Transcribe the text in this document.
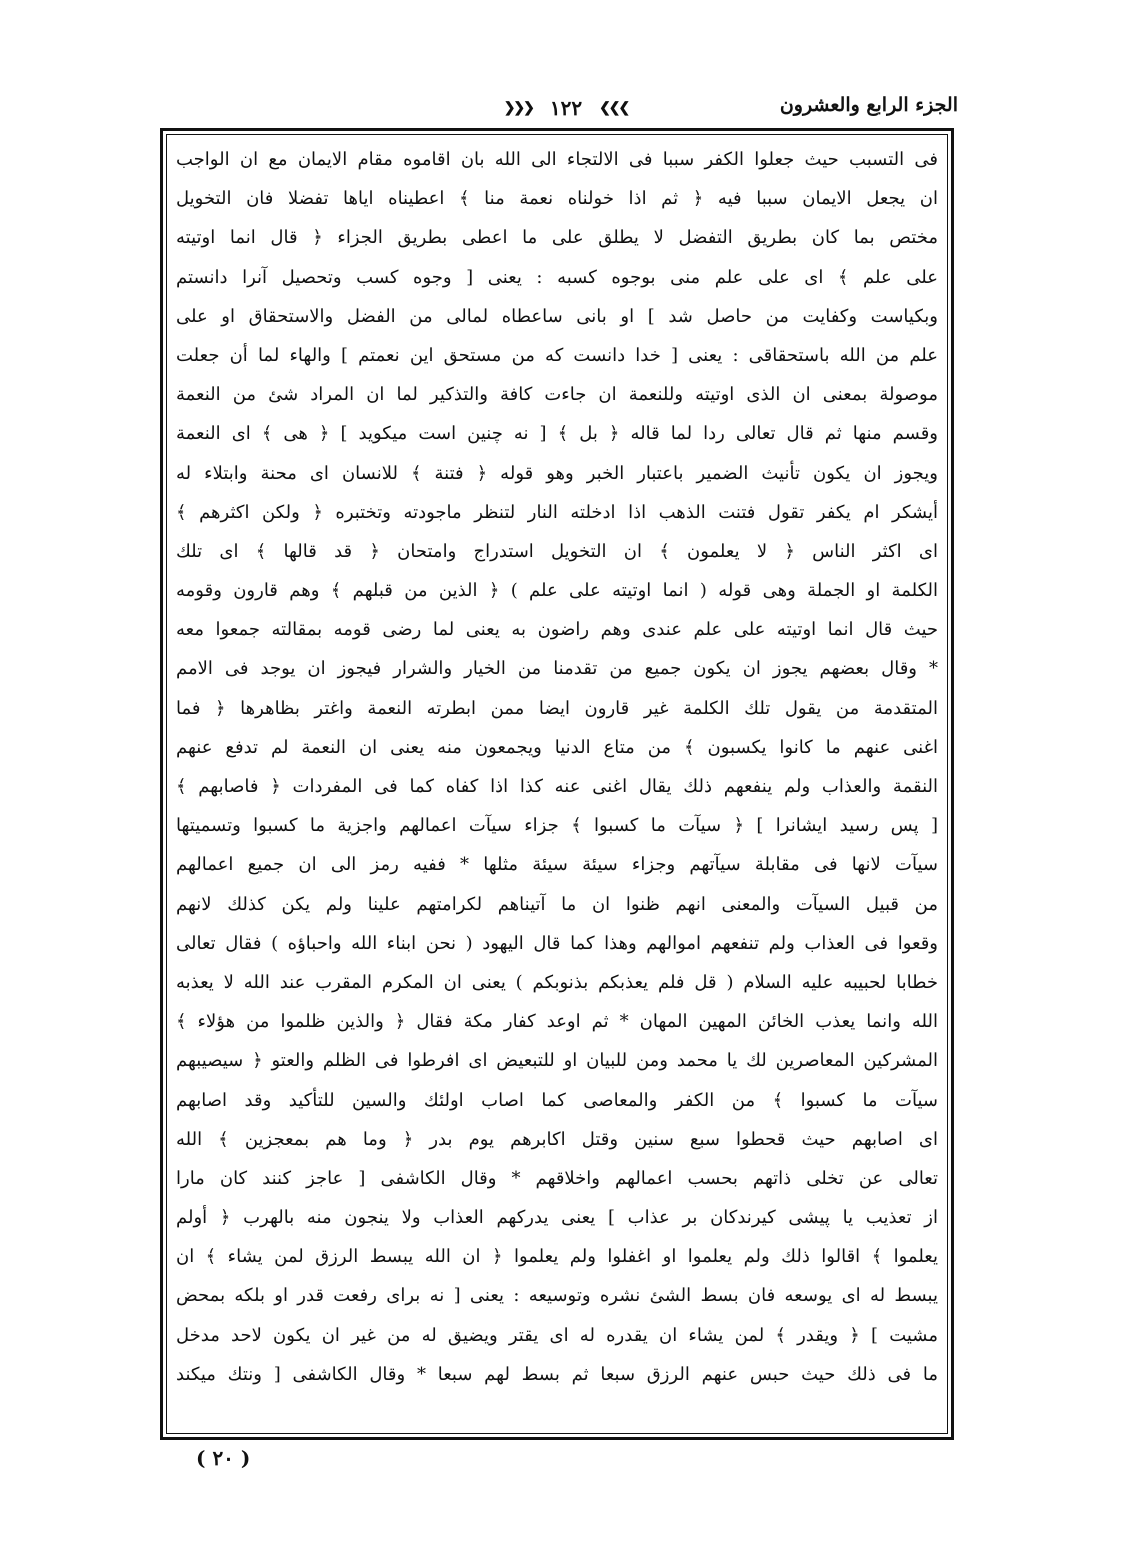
الجزء الرابع والعشرون
❯❯❯ ١٢٢ ❮❮❮
فى التسبب حيث جعلوا الكفر سببا فى الالتجاء الى الله بان اقاموه مقام الايمان مع ان الواجب
ان يجعل الايمان سببا فيه ﴿ ثم اذا خولناه نعمة منا ﴾ اعطيناه اياها تفضلا فان التخويل
مختص بما كان بطريق التفضل لا يطلق على ما اعطى بطريق الجزاء ﴿ قال انما اوتيته
على علم ﴾ اى على علم منى بوجوه كسبه : يعنى [ وجوه كسب وتحصيل آنرا دانستم
وبكياست وكفايت من حاصل شد ] او بانى ساعطاه لمالى من الفضل والاستحقاق او على
علم من الله باستحقاقى : يعنى [ خدا دانست كه من مستحق اين نعمتم ] والهاء لما أن جعلت
موصولة بمعنى ان الذى اوتيته وللنعمة ان جاءت كافة والتذكير لما ان المراد شئ من النعمة
وقسم منها ثم قال تعالى ردا لما قاله ﴿ بل ﴾ [ نه چنين است ميكويد ] ﴿ هى ﴾ اى النعمة
ويجوز ان يكون تأنيث الضمير باعتبار الخبر وهو قوله ﴿ فتنة ﴾ للانسان اى محنة وابتلاء له
أيشكر ام يكفر تقول فتنت الذهب اذا ادخلته النار لتنظر ماجودته وتختبره ﴿ ولكن اكثرهم ﴾
اى اكثر الناس ﴿ لا يعلمون ﴾ ان التخويل استدراج وامتحان ﴿ قد قالها ﴾ اى تلك
الكلمة او الجملة وهى قوله ( انما اوتيته على علم ) ﴿ الذين من قبلهم ﴾ وهم قارون وقومه
حيث قال انما اوتيته على علم عندى وهم راضون به يعنى لما رضى قومه بمقالته جمعوا معه
* وقال بعضهم يجوز ان يكون جميع من تقدمنا من الخيار والشرار فيجوز ان يوجد فى الامم
المتقدمة من يقول تلك الكلمة غير قارون ايضا ممن ابطرته النعمة واغتر بظاهرها ﴿ فما
اغنى عنهم ما كانوا يكسبون ﴾ من متاع الدنيا ويجمعون منه يعنى ان النعمة لم تدفع عنهم
النقمة والعذاب ولم ينفعهم ذلك يقال اغنى عنه كذا اذا كفاه كما فى المفردات ﴿ فاصابهم ﴾
[ پس رسيد ايشانرا ] ﴿ سيآت ما كسبوا ﴾ جزاء سيآت اعمالهم واجزية ما كسبوا وتسميتها
سيآت لانها فى مقابلة سيآتهم وجزاء سيئة سيئة مثلها * ففيه رمز الى ان جميع اعمالهم
من قبيل السيآت والمعنى انهم ظنوا ان ما آتيناهم لكرامتهم علينا ولم يكن كذلك لانهم
وقعوا فى العذاب ولم تنفعهم اموالهم وهذا كما قال اليهود ( نحن ابناء الله واحباؤه ) فقال تعالى
خطابا لحبيبه عليه السلام ( قل فلم يعذبكم بذنوبكم ) يعنى ان المكرم المقرب عند الله لا يعذبه
الله وانما يعذب الخائن المهين المهان * ثم اوعد كفار مكة فقال ﴿ والذين ظلموا من هؤلاء ﴾
المشركين المعاصرين لك يا محمد ومن للبيان او للتبعيض اى افرطوا فى الظلم والعتو ﴿ سيصيبهم
سيآت ما كسبوا ﴾ من الكفر والمعاصى كما اصاب اولئك والسين للتأكيد وقد اصابهم
اى اصابهم حيث قحطوا سبع سنين وقتل اكابرهم يوم بدر ﴿ وما هم بمعجزين ﴾ الله
تعالى عن تخلى ذاتهم بحسب اعمالهم واخلاقهم * وقال الكاشفى [ عاجز كنند كان مارا
از تعذيب يا پيشى كيرندكان بر عذاب ] يعنى يدركهم العذاب ولا ينجون منه بالهرب ﴿ أولم
يعلموا ﴾ اقالوا ذلك ولم يعلموا او اغفلوا ولم يعلموا ﴿ ان الله يبسط الرزق لمن يشاء ﴾ ان
يبسط له اى يوسعه فان بسط الشئ نشره وتوسيعه : يعنى [ نه براى رفعت قدر او بلكه بمحض
مشيت ] ﴿ ويقدر ﴾ لمن يشاء ان يقدره له اى يقتر ويضيق له من غير ان يكون لاحد مدخل
ما فى ذلك حيث حبس عنهم الرزق سبعا ثم بسط لهم سبعا * وقال الكاشفى [ ونتك ميكند
( ٢٠ )
